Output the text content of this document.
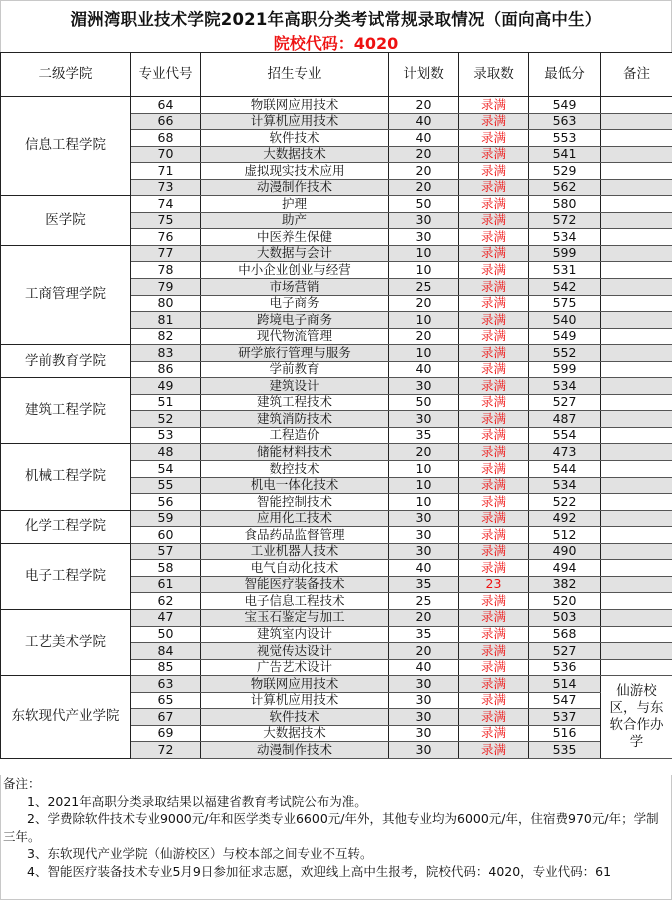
湄洲湾职业技术学院2021年高职分类考试常规录取情况（面向高中生）
院校代码：4020
二级学院	专业代号	招生专业	计划数	录取数	最低分	备注
信息工程学院	64	物联网应用技术	20	录满	549	
	66	计算机应用技术	40	录满	563	
	68	软件技术	40	录满	553	
	70	大数据技术	20	录满	541	
	71	虚拟现实技术应用	20	录满	529	
	73	动漫制作技术	20	录满	562	
医学院	74	护理	50	录满	580	
	75	助产	30	录满	572	
	76	中医养生保健	30	录满	534	
工商管理学院	77	大数据与会计	10	录满	599	
	78	中小企业创业与经营	10	录满	531	
	79	市场营销	25	录满	542	
	80	电子商务	20	录满	575	
	81	跨境电子商务	10	录满	540	
	82	现代物流管理	20	录满	549	
学前教育学院	83	研学旅行管理与服务	10	录满	552	
	86	学前教育	40	录满	599	
建筑工程学院	49	建筑设计	30	录满	534	
	51	建筑工程技术	50	录满	527	
	52	建筑消防技术	30	录满	487	
	53	工程造价	35	录满	554	
机械工程学院	48	储能材料技术	20	录满	473	
	54	数控技术	10	录满	544	
	55	机电一体化技术	10	录满	534	
	56	智能控制技术	10	录满	522	
化学工程学院	59	应用化工技术	30	录满	492	
	60	食品药品监督管理	30	录满	512	
电子工程学院	57	工业机器人技术	30	录满	490	
	58	电气自动化技术	40	录满	494	
	61	智能医疗装备技术	35	23	382	
	62	电子信息工程技术	25	录满	520	
工艺美术学院	47	宝玉石鉴定与加工	20	录满	503	
	50	建筑室内设计	35	录满	568	
	84	视觉传达设计	20	录满	527	
	85	广告艺术设计	40	录满	536	
东软现代产业学院	63	物联网应用技术	30	录满	514	仙游校区，与东软合作办学
	65	计算机应用技术	30	录满	547	
	67	软件技术	30	录满	537	
	69	大数据技术	30	录满	516	
	72	动漫制作技术	30	录满	535	
备注：
1、2021年高职分类录取结果以福建省教育考试院公布为准。
2、学费除软件技术专业9000元/年和医学类专业6600元/年外，其他专业均为6000元/年，住宿费970元/年；学制三年。
3、东软现代产业学院（仙游校区）与校本部之间专业不互转。
4、智能医疗装备技术专业5月9日参加征求志愿，欢迎线上高中生报考，院校代码：4020，专业代码：61
